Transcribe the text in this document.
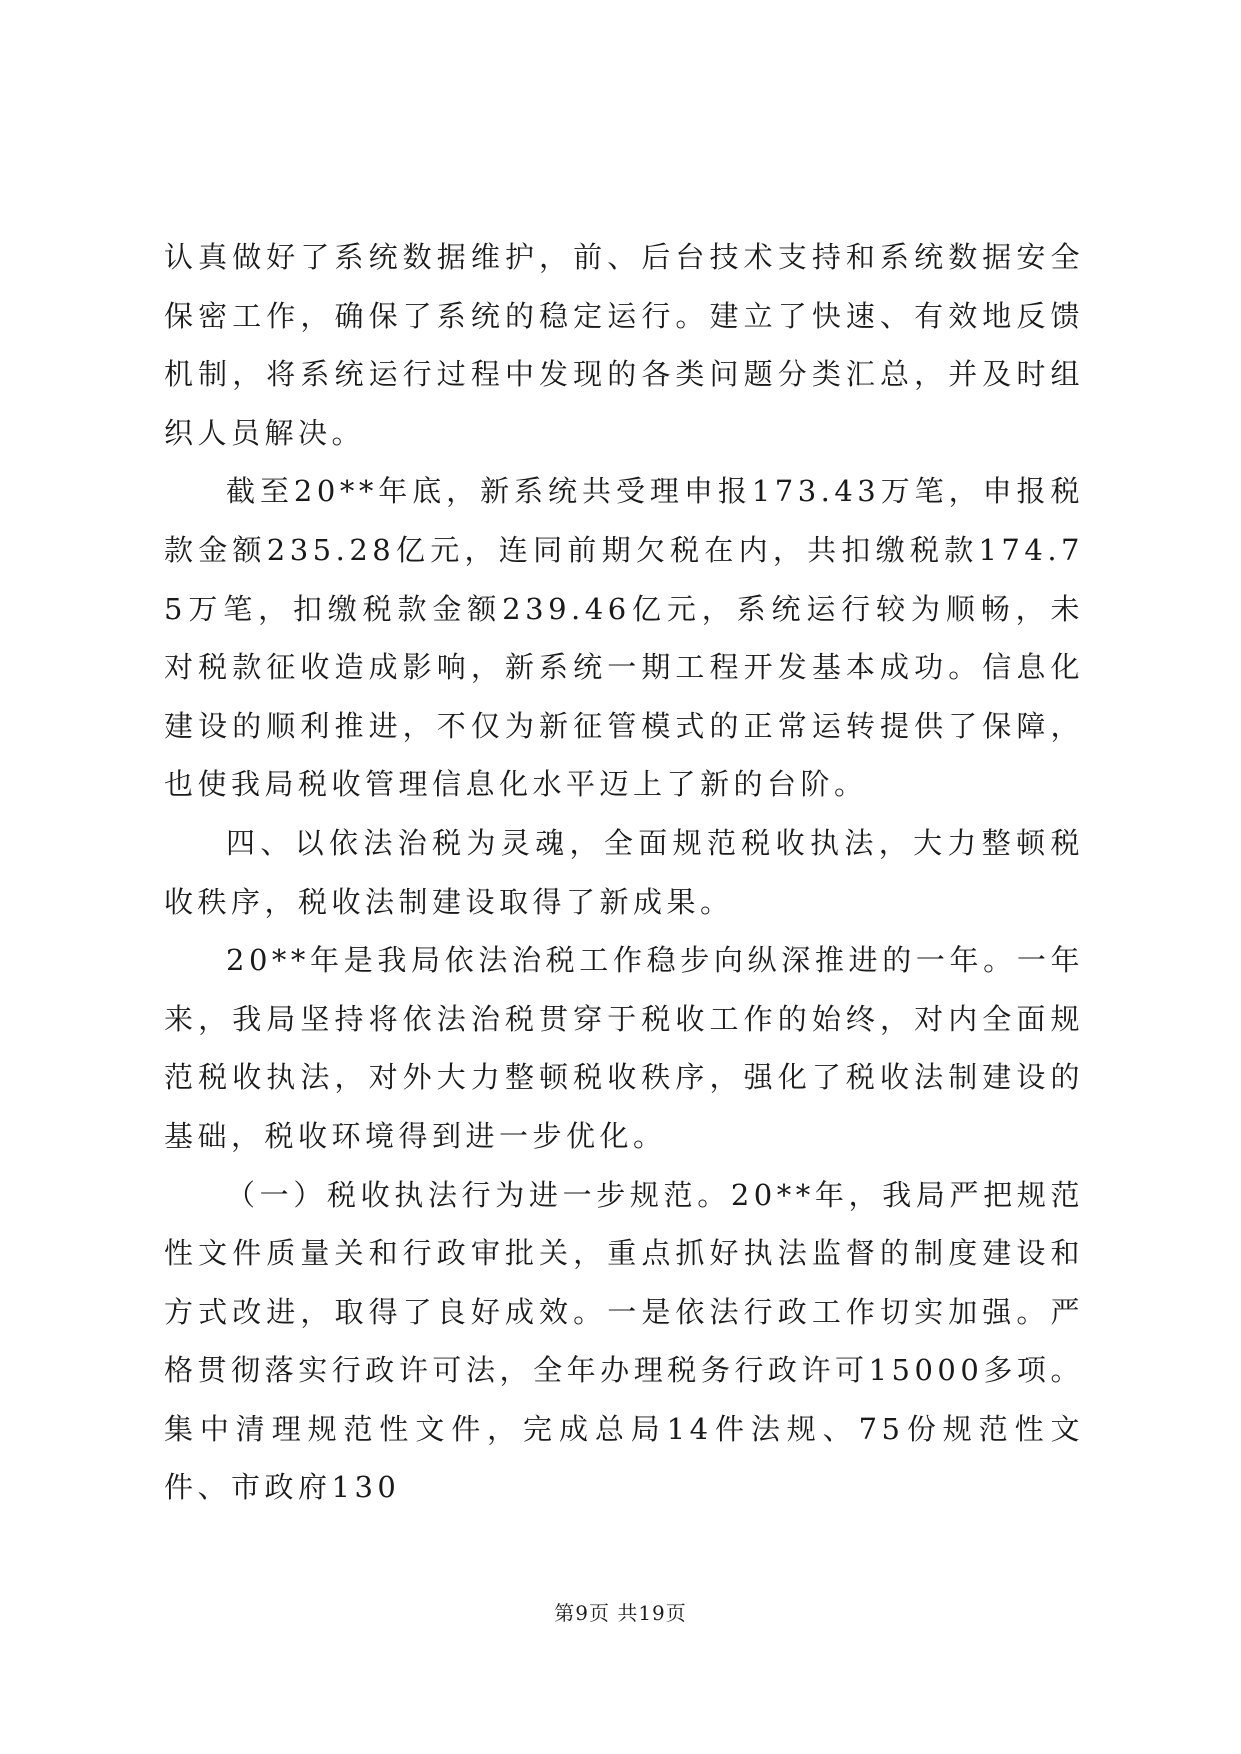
认真做好了系统数据维护，前、后台技术支持和系统数据安全保密工作，确保了系统的稳定运行。建立了快速、有效地反馈机制，将系统运行过程中发现的各类问题分类汇总，并及时组织人员解决。

截至20**年底，新系统共受理申报173.43万笔，申报税款金额235.28亿元，连同前期欠税在内，共扣缴税款174.75万笔，扣缴税款金额239.46亿元，系统运行较为顺畅，未对税款征收造成影响，新系统一期工程开发基本成功。信息化建设的顺利推进，不仅为新征管模式的正常运转提供了保障，也使我局税收管理信息化水平迈上了新的台阶。

四、以依法治税为灵魂，全面规范税收执法，大力整顿税收秩序，税收法制建设取得了新成果。

20**年是我局依法治税工作稳步向纵深推进的一年。一年来，我局坚持将依法治税贯穿于税收工作的始终，对内全面规范税收执法，对外大力整顿税收秩序，强化了税收法制建设的基础，税收环境得到进一步优化。

（一）税收执法行为进一步规范。20**年，我局严把规范性文件质量关和行政审批关，重点抓好执法监督的制度建设和方式改进，取得了良好成效。一是依法行政工作切实加强。严格贯彻落实行政许可法，全年办理税务行政许可15000多项。集中清理规范性文件，完成总局14件法规、75份规范性文件、市政府130

第9页 共19页
